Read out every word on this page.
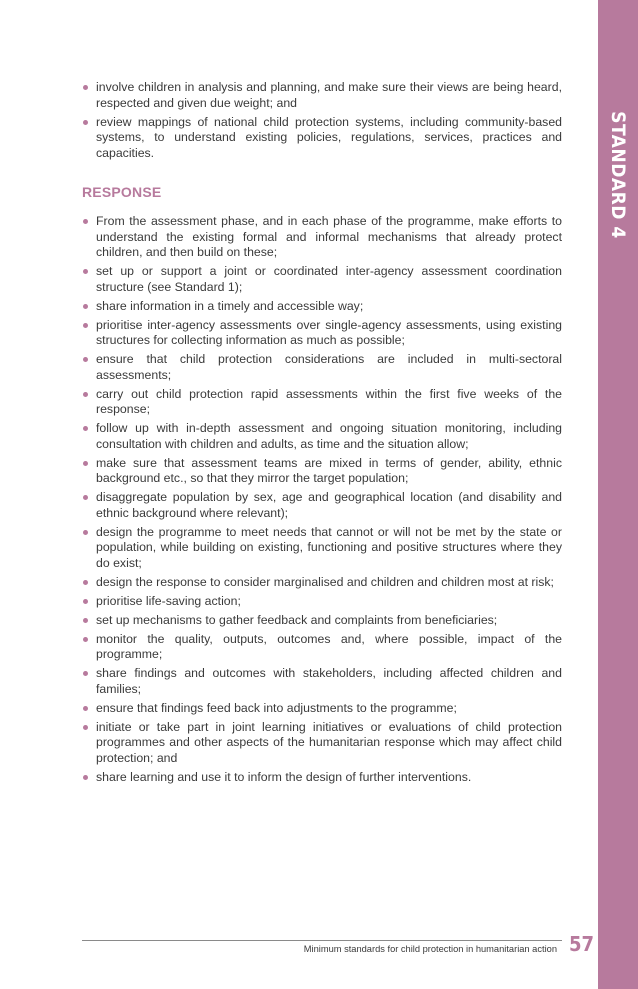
STANDARD 4
involve children in analysis and planning, and make sure their views are being heard, respected and given due weight; and
review mappings of national child protection systems, including community-based systems, to understand existing policies, regulations, services, practices and capacities.
RESPONSE
From the assessment phase, and in each phase of the programme, make efforts to understand the existing formal and informal mechanisms that already protect children, and then build on these;
set up or support a joint or coordinated inter-agency assessment coordination structure (see Standard 1);
share information in a timely and accessible way;
prioritise inter-agency assessments over single-agency assessments, using existing structures for collecting information as much as possible;
ensure that child protection considerations are included in multi-sectoral assessments;
carry out child protection rapid assessments within the first five weeks of the response;
follow up with in-depth assessment and ongoing situation monitoring, including consultation with children and adults, as time and the situation allow;
make sure that assessment teams are mixed in terms of gender, ability, ethnic background etc., so that they mirror the target population;
disaggregate population by sex, age and geographical location (and disability and ethnic background where relevant);
design the programme to meet needs that cannot or will not be met by the state or population, while building on existing, functioning and positive structures where they do exist;
design the response to consider marginalised and children and children most at risk;
prioritise life-saving action;
set up mechanisms to gather feedback and complaints from beneficiaries;
monitor the quality, outputs, outcomes and, where possible, impact of the programme;
share findings and outcomes with stakeholders, including affected children and families;
ensure that findings feed back into adjustments to the programme;
initiate or take part in joint learning initiatives or evaluations of child protection programmes and other aspects of the humanitarian response which may affect child protection; and
share learning and use it to inform the design of further interventions.
Minimum standards for child protection in humanitarian action 57
